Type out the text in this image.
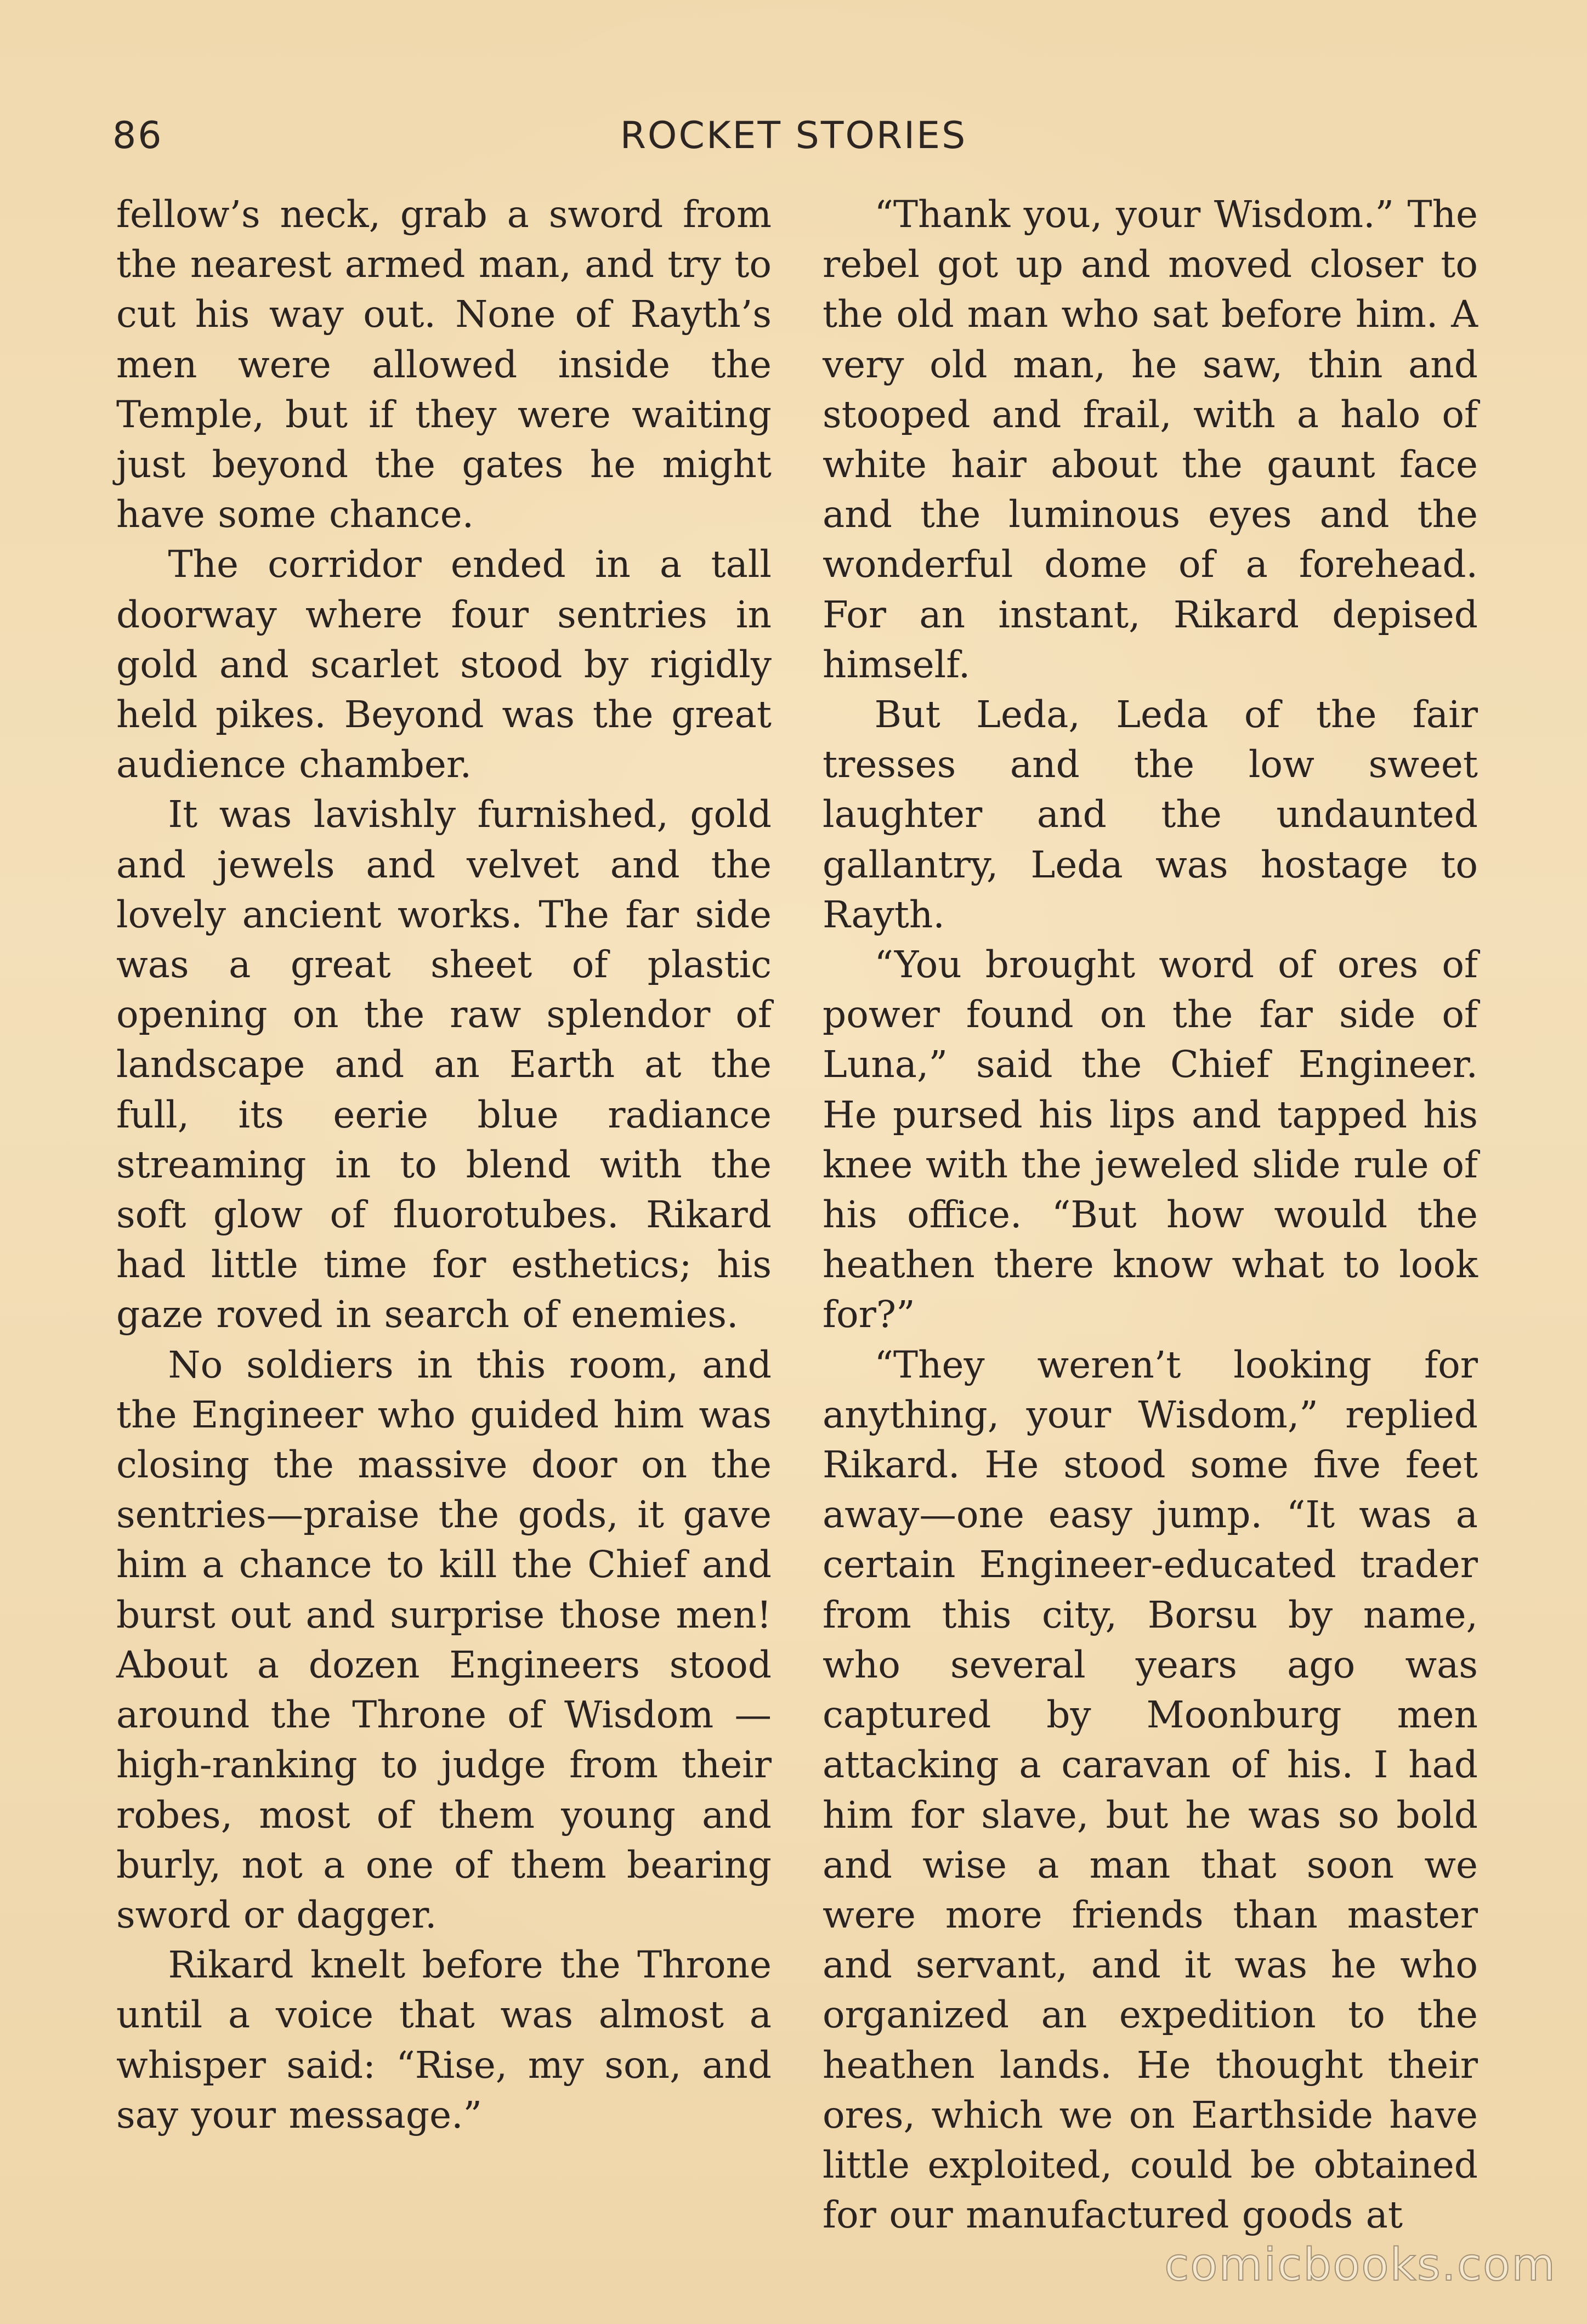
86	ROCKET STORIES

fellow’s neck, grab a sword from the nearest armed man, and try to cut his way out. None of Rayth’s men were allowed inside the Temple, but if they were waiting just beyond the gates he might have some chance.

The corridor ended in a tall doorway where four sentries in gold and scarlet stood by rigidly held pikes. Beyond was the great audience chamber.

It was lavishly furnished, gold and jewels and velvet and the lovely ancient works. The far side was a great sheet of plastic opening on the raw splendor of landscape and an Earth at the full, its eerie blue radiance streaming in to blend with the soft glow of fluorotubes. Rikard had little time for esthetics; his gaze roved in search of enemies.

No soldiers in this room, and the Engineer who guided him was closing the massive door on the sentries—praise the gods, it gave him a chance to kill the Chief and burst out and surprise those men! About a dozen Engineers stood around the Throne of Wisdom — high-ranking to judge from their robes, most of them young and burly, not a one of them bearing sword or dagger.

Rikard knelt before the Throne until a voice that was almost a whisper said: “Rise, my son, and say your message.”

“Thank you, your Wisdom.” The rebel got up and moved closer to the old man who sat before him. A very old man, he saw, thin and stooped and frail, with a halo of white hair about the gaunt face and the luminous eyes and the wonderful dome of a forehead. For an instant, Rikard depised himself.

But Leda, Leda of the fair tresses and the low sweet laughter and the undaunted gallantry, Leda was hostage to Rayth.

“You brought word of ores of power found on the far side of Luna,” said the Chief Engineer. He pursed his lips and tapped his knee with the jeweled slide rule of his office. “But how would the heathen there know what to look for?”

“They weren’t looking for anything, your Wisdom,” replied Rikard. He stood some five feet away—one easy jump. “It was a certain Engineer-educated trader from this city, Borsu by name, who several years ago was captured by Moonburg men attacking a caravan of his. I had him for slave, but he was so bold and wise a man that soon we were more friends than master and servant, and it was he who organized an expedition to the heathen lands. He thought their ores, which we on Earthside have little exploited, could be obtained for our manufactured goods at

comicbooks.com
